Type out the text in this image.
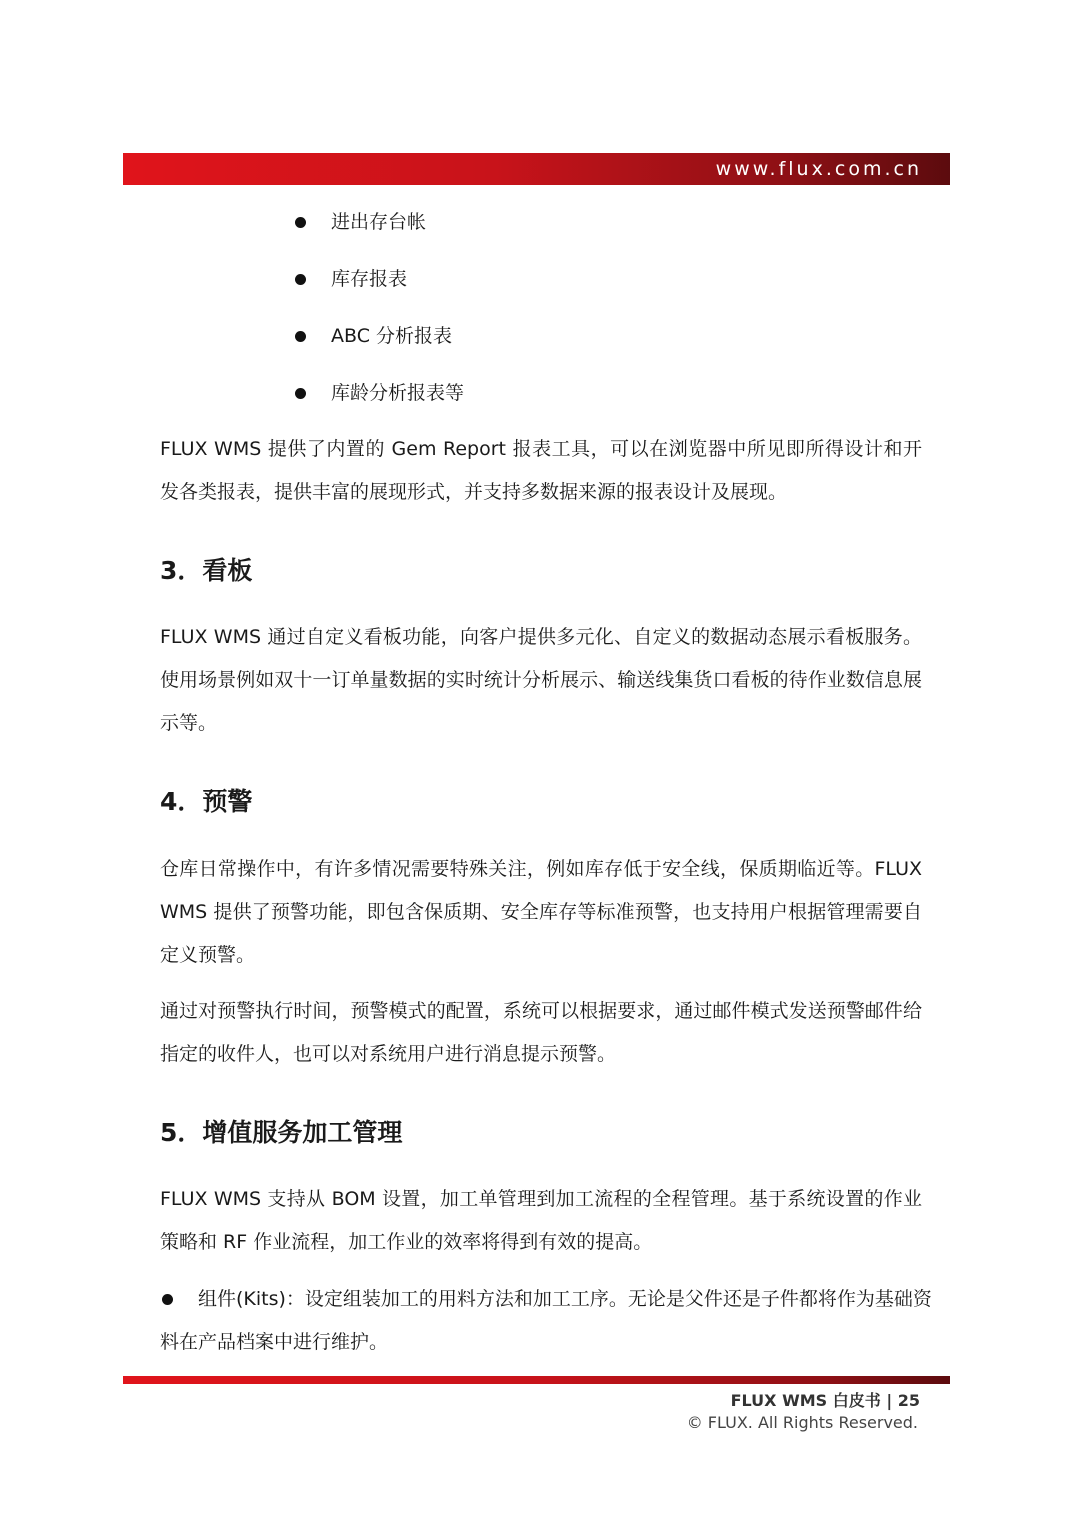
www.flux.com.cn
进出存台帐
库存报表
ABC 分析报表
库龄分析报表等
FLUX WMS 提供了内置的 Gem Report 报表工具，可以在浏览器中所见即所得设计和开发各类报表，提供丰富的展现形式，并支持多数据来源的报表设计及展现。
3．看板
FLUX WMS 通过自定义看板功能，向客户提供多元化、自定义的数据动态展示看板服务。使用场景例如双十一订单量数据的实时统计分析展示、输送线集货口看板的待作业数信息展示等。
4．预警
仓库日常操作中，有许多情况需要特殊关注，例如库存低于安全线，保质期临近等。FLUX WMS 提供了预警功能，即包含保质期、安全库存等标准预警，也支持用户根据管理需要自定义预警。
通过对预警执行时间，预警模式的配置，系统可以根据要求，通过邮件模式发送预警邮件给指定的收件人，也可以对系统用户进行消息提示预警。
5．增值服务加工管理
FLUX WMS 支持从 BOM 设置，加工单管理到加工流程的全程管理。基于系统设置的作业策略和 RF 作业流程，加工作业的效率将得到有效的提高。
组件(Kits)：设定组装加工的用料方法和加工工序。无论是父件还是子件都将作为基础资
料在产品档案中进行维护。
FLUX WMS 白皮书 | 25
© FLUX. All Rights Reserved.
